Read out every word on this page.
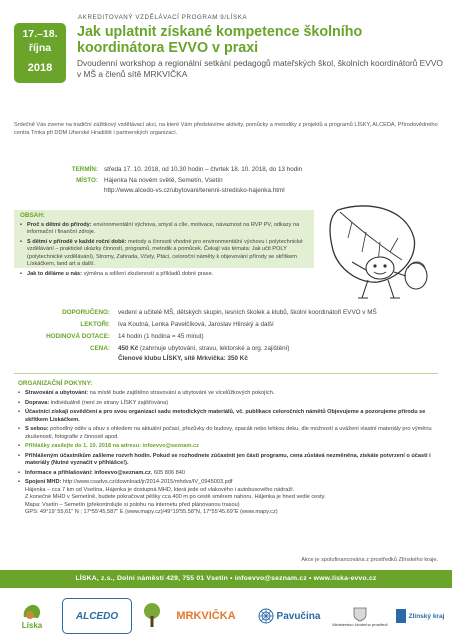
17.–18.
října
2018
AKREDITOVANÝ VZDĚLÁVACÍ PROGRAM 9/LÍSKA
Jak uplatnit získané kompetence školního koordinátora EVVO v praxi
Dvoudenní workshop a regionální setkání pedagogů mateřských škol, školních koordinátorů EVVO v MŠ a členů sítě MRKVIČKA
Srdečně Vás zveme na tradiční zážitkový vzdělávací akci, na které Vám představíme aktivity, pomůcky a metodiky z projektů a programů LÍSKY, ALCEDA, Přírodovědného centra Trnka při DDM Uherské Hradiště i partnerských organizací.
TERMÍN: středa 17. 10. 2018, od 10.30 hodin – čtvrtek 18. 10. 2018, do 13 hodin
MÍSTO: Hájenka Na novém světě, Semetín, Vsetín
http://www.alcedo-vs.cz/ubytovani/terenni-stredisko-hajenka.html
OBSAH:
• Proč s dětmi do přírody: environmentální výchova, smysl a cíle, motivace, návaznost na RVP PV, odkazy na informační i finanční zdroje.
• S dětmi v přírodě v každé roční době: metody a činnosti vhodné pro environmentální výchovu i polytechnické vzdělávání – praktické ukázky činností, programů, metodik a pomůcek. Čekají vás témata: Jak učit POLY (polytechnické vzdělávání), Stromy, Zahrada, Včely, Ptáci, celoroční náměty k objevování přírody se skřítkem Lískáčkem, land art a další.
• Jak to děláme u nás: výměna a sdílení zkušeností a příkladů dobré praxe.
DOPORUČENO: vedení a učitelé MŠ, dětských skupin, lesních školek a klubů, školní koordinátoři EVVO v MŠ
LEKTOŘI: Iva Koutná, Lenka Pavelčíková, Jaroslav Hlinský a další
HODINOVÁ DOTACE: 14 hodin (1 hodina = 45 minut)
CENA: 450 Kč (zahrnuje ubytování, stravu, lektorské a org. zajištění)
Členové klubu LÍSKY, sítě Mrkvička: 350 Kč
ORGANIZAČNÍ POKYNY:
• Stravování a ubytování: na místě bude zajištěno stravování a ubytování ve vícelůžkových pokojích.
• Doprava: individuálně (není ze strany LÍSKY zajišťována)
• Účastníci získají osvědčení a pro svou organizaci sadu metodických materiálů, vč. publikace celoročních námětů Objevujeme a pozorujeme přírodu se skřítkem Lískáčkem.
• S sebou: pohodlný oděv a obuv s ohledem na aktuální počasí, přezůvky do budovy, spacák nebo lehkou deku, dle možností a uvážení vlastní materiály pro výměnu zkušeností, fotografie z činností apod.
• Přihlášky zasílejte do 1. 10. 2018 na adresu: infoevvo@seznam.cz
• Přihlášeným účastníkům zašleme rozvrh hodin. Pokud se rozhodnete zúčastnit jen části programu, cena zůstává nezměněna, získáte potvrzení o účasti i materiály (Nutné vyznačit v přihlášce!).
• Informace a přihlašování: infoevvo@seznam.cz, 605 806 840
• Spojení MHD: http://www.csadvs.cz/download/jr/2014-2015/mhdvs/IV_0945003.pdf
Hájenka – cca 7 km od Vsetína, Hájenka je dostupná MHD, která jede od vlakového i autobusového nádraží.
Z konečné MHD v Semetíně, budete pokračovat pěšky cca 400 m po cestě směrem nahoru. Hájenka je hned vedle cesty.
Mapa: Vsetín – Semetín (překontrolujte si polohu na internetu před plánovanou trasou)
GPS: 49°19' 55,61" N ; 17°55'45,587" E (www.mapy.cz)/49°19'55.58"N, 17°55'45.69"E (www.mapy.cz)
Akce je spolufinancována z prostředků Zlínského kraje.
LÍSKA, z.s., Dolní náměstí 429, 755 01 Vsetín • infoevvo@seznam.cz • www.liska-evvo.cz
Líska
ALCEDO	MRKVIČKA	Pavučina
Ministerstvo životního prostředí
Zlínský kraj
